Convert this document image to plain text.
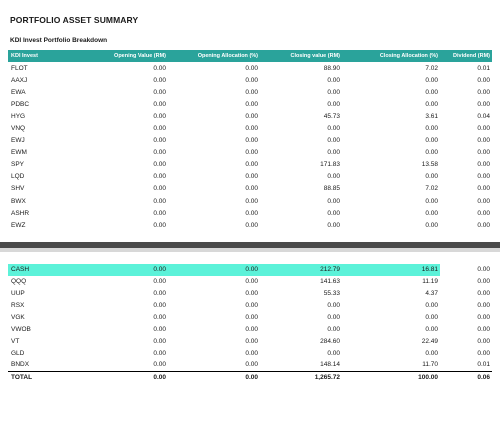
PORTFOLIO ASSET SUMMARY
KDI Invest Portfolio Breakdown
KDI Invest	Opening Value (RM)	Opening Allocation (%)	Closing value (RM)	Closing Allocation (%)	Dividend (RM)
FLOT	0.00	0.00	88.90	7.02	0.01
AAXJ	0.00	0.00	0.00	0.00	0.00
EWA	0.00	0.00	0.00	0.00	0.00
PDBC	0.00	0.00	0.00	0.00	0.00
HYG	0.00	0.00	45.73	3.61	0.04
VNQ	0.00	0.00	0.00	0.00	0.00
EWJ	0.00	0.00	0.00	0.00	0.00
EWM	0.00	0.00	0.00	0.00	0.00
SPY	0.00	0.00	171.83	13.58	0.00
LQD	0.00	0.00	0.00	0.00	0.00
SHV	0.00	0.00	88.85	7.02	0.00
BWX	0.00	0.00	0.00	0.00	0.00
ASHR	0.00	0.00	0.00	0.00	0.00
EWZ	0.00	0.00	0.00	0.00	0.00

CASH	0.00	0.00	212.79	16.81	0.00
QQQ	0.00	0.00	141.63	11.19	0.00
UUP	0.00	0.00	55.33	4.37	0.00
RSX	0.00	0.00	0.00	0.00	0.00
VGK	0.00	0.00	0.00	0.00	0.00
VWOB	0.00	0.00	0.00	0.00	0.00
VT	0.00	0.00	284.60	22.49	0.00
GLD	0.00	0.00	0.00	0.00	0.00
BNDX	0.00	0.00	148.14	11.70	0.01
TOTAL	0.00	0.00	1,265.72	100.00	0.06
